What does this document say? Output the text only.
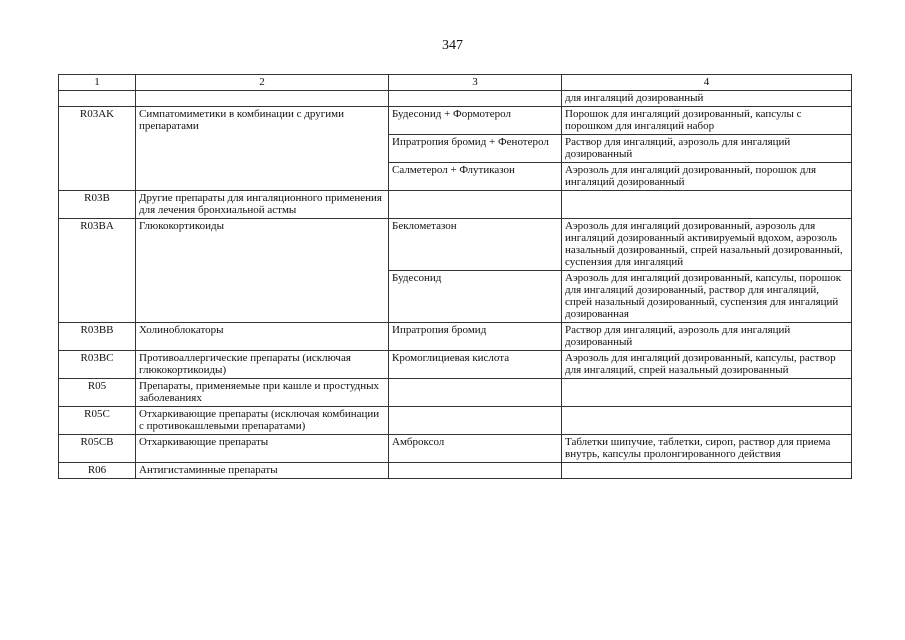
347
1	2	3	4
			для ингаляций дозированный
R03AK	Симпатомиметики в комбинации с другими препаратами	Будесонид + Формотерол	Порошок для ингаляций дозированный, капсулы с порошком для ингаляций набор
		Ипратропия бромид + Фенотерол	Раствор для ингаляций, аэрозоль для ингаляций дозированный
		Салметерол + Флутиказон	Аэрозоль для ингаляций дозированный, порошок для ингаляций дозированный
R03B	Другие препараты для ингаляционного применения для лечения бронхиальной астмы		
R03BA	Глюкокортикоиды	Беклометазон	Аэрозоль для ингаляций дозированный, аэрозоль для ингаляций дозированный активируемый вдохом, аэрозоль назальный дозированный, спрей назальный дозированный, суспензия для ингаляций
		Будесонид	Аэрозоль для ингаляций дозированный, капсулы, порошок для ингаляций дозированный, раствор для ингаляций, спрей назальный дозированный, суспензия для ингаляций дозированная
R03BB	Холиноблокаторы	Ипратропия бромид	Раствор для ингаляций, аэрозоль для ингаляций дозированный
R03BC	Противоаллергические препараты (исключая глюкокортикоиды)	Кромоглициевая кислота	Аэрозоль для ингаляций дозированный, капсулы, раствор для ингаляций, спрей назальный дозированный
R05	Препараты, применяемые при кашле и простудных заболеваниях		
R05C	Отхаркивающие препараты (исключая комбинации с противокашлевыми препаратами)		
R05CB	Отхаркивающие препараты	Амброксол	Таблетки шипучие, таблетки, сироп, раствор для приема внутрь, капсулы пролонгированного действия
R06	Антигистаминные препараты		
